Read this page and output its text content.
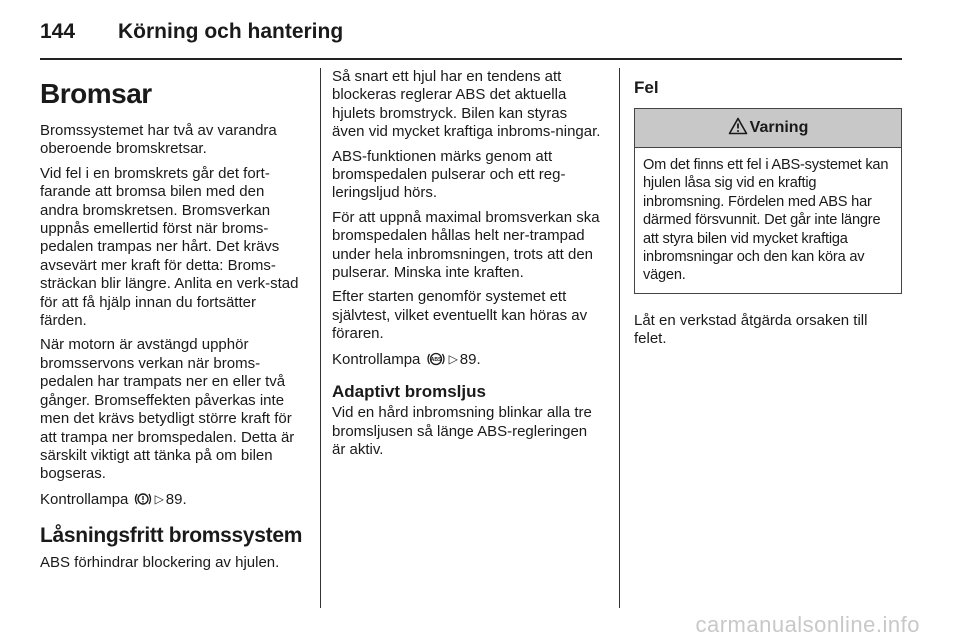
144 Körning och hantering
Bromsar

Bromssystemet har två av varandra oberoende bromskretsar.

Vid fel i en bromskrets går det fort-farande att bromsa bilen med den andra bromskretsen. Bromsverkan uppnås emellertid först när broms-pedalen trampas ner hårt. Det krävs avsevärt mer kraft för detta: Broms-sträckan blir längre. Anlita en verk-stad för att få hjälp innan du fortsätter färden.

När motorn är avstängd upphör bromsservons verkan när broms-pedalen har trampats ner en eller två gånger. Bromseffekten påverkas inte men det krävs betydligt större kraft för att trampa ner bromspedalen. Detta är särskilt viktigt att tänka på om bilen bogseras.

Kontrollampa ▷ 89.

Låsningsfritt bromssystem

ABS förhindrar blockering av hjulen.

Så snart ett hjul har en tendens att blockeras reglerar ABS det aktuella hjulets bromstryck. Bilen kan styras även vid mycket kraftiga inbroms-ningar.

ABS-funktionen märks genom att bromspedalen pulserar och ett reg-leringsljud hörs.

För att uppnå maximal bromsverkan ska bromspedalen hållas helt ner-trampad under hela inbromsningen, trots att den pulserar. Minska inte kraften.

Efter starten genomför systemet ett självtest, vilket eventuellt kan höras av föraren.

Kontrollampa ABS ▷ 89.

Adaptivt bromsljus

Vid en hård inbromsning blinkar alla tre bromsljusen så länge ABS-regleringen är aktiv.

Fel
Varning
Om det finns ett fel i ABS-systemet kan hjulen låsa sig vid en kraftig inbromsning. Fördelen med ABS har därmed försvunnit. Det går inte längre att styra bilen vid mycket kraftiga inbromsningar och den kan köra av vägen.

Låt en verkstad åtgärda orsaken till felet.

carmanualsonline.info
